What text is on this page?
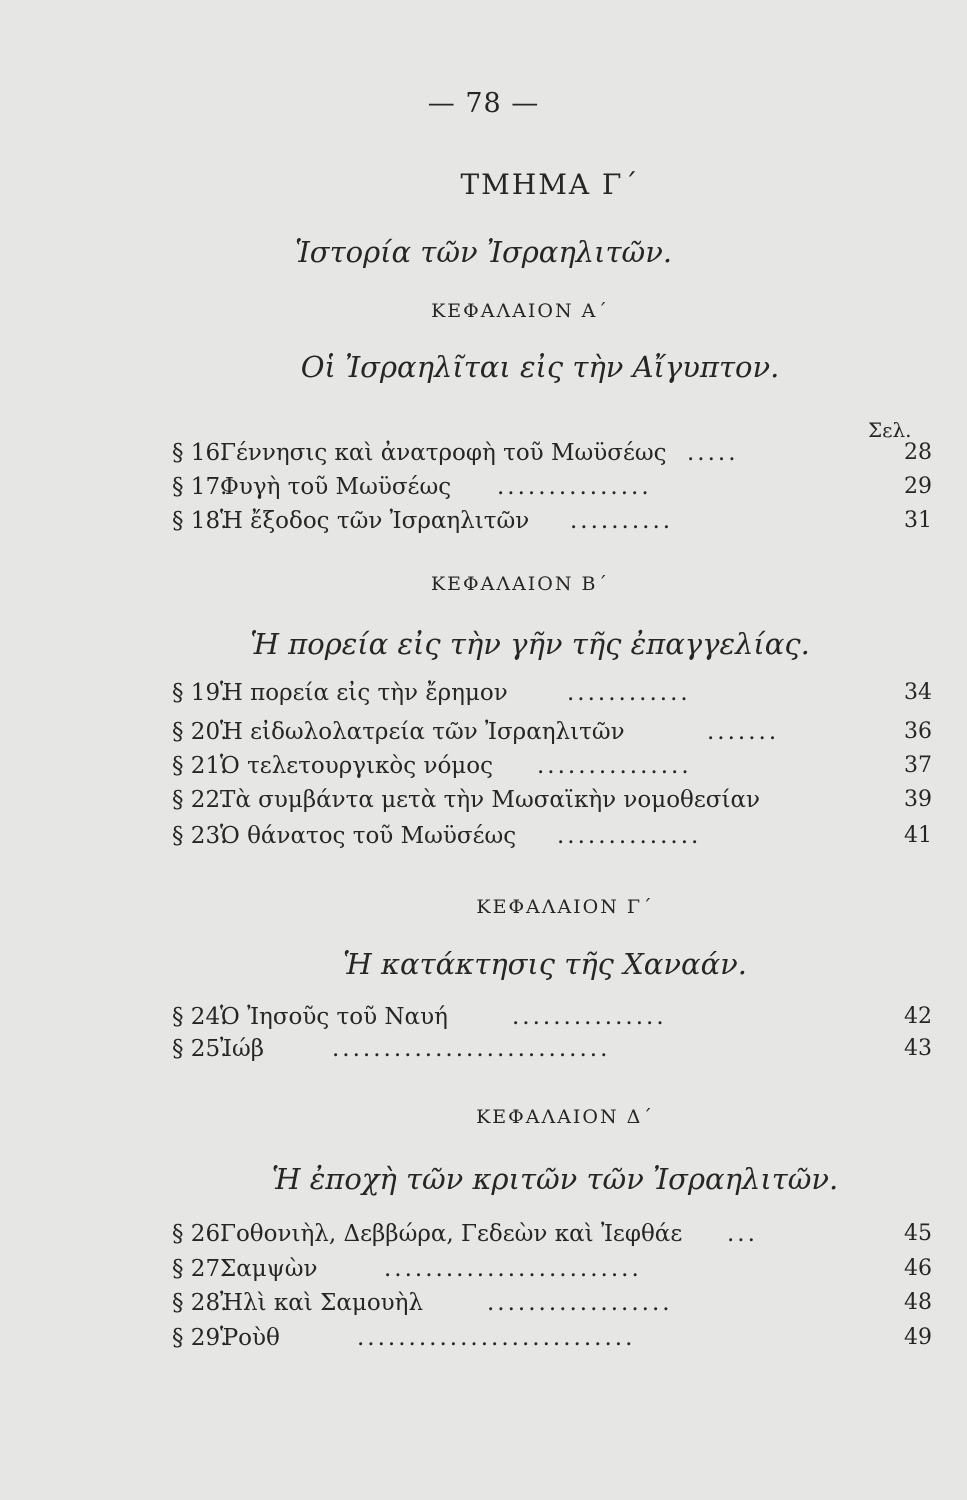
— 78 —
ΤΜΗΜΑ Γ΄
Ἱστορία τῶν Ἰσραηλιτῶν.
Σελ.
ΚΕΦΑΛΑΙΟΝ Α΄
Οἱ Ἰσραηλῖται εἰς τὴν Αἴγυπτον.
§ 16.
Γέννησις καὶ ἀνατροφὴ τοῦ Μωϋσέως .....	28
§ 17.
Φυγὴ τοῦ Μωϋσέως ...............	29
§ 18.
Ἡ ἔξοδος τῶν Ἰσραηλιτῶν ..........	31
ΚΕΦΑΛΑΙΟΝ Β΄
Ἡ πορεία εἰς τὴν γῆν τῆς ἐπαγγελίας.
§ 19.
Ἡ πορεία εἰς τὴν ἔρημον	............	34
§ 20.
Ἡ εἰδωλολατρεία τῶν Ἰσραηλιτῶν	.......	36
§ 21.
Ὁ τελετουργικὸς νόμος ...............	37
§ 22.
Τὰ συμβάντα μετὰ τὴν Μωσαϊκὴν νομοθεσίαν	39
§ 23.
Ὁ θάνατος τοῦ Μωϋσέως ..............	41
ΚΕΦΑΛΑΙΟΝ Γ΄
Ἡ κατάκτησις τῆς Χαναάν.
§ 24.
Ὁ Ἰησοῦς τοῦ Ναυή	...............	42
§ 25.
Ἰώβ	...........................	43
ΚΕΦΑΛΑΙΟΝ Δ΄
Ἡ ἐποχὴ τῶν κριτῶν τῶν Ἰσραηλιτῶν.
§ 26.
Γοθονιὴλ, Δεββώρα, Γεδεὼν καὶ Ἰεφθάε ...	45
§ 27.
Σαμψὼν	.........................	46
§ 28.
Ἠλὶ καὶ Σαμουὴλ	..................	48
§ 29.
Ῥοὺθ	...........................	49
